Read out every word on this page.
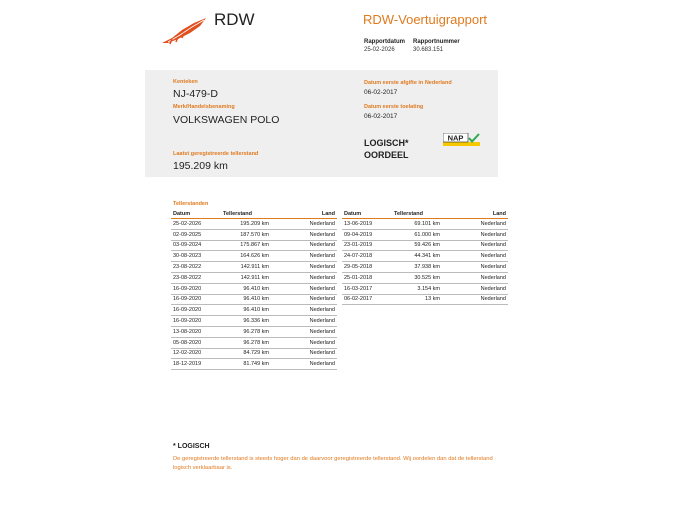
RDW	RDW-Voertuigrapport
Rapportdatum
25-02-2026
Rapportnummer
30.683.151
Kenteken
NJ-479-D
Merk/Handelsbenaming
VOLKSWAGEN POLO
Laatst geregistreerde tellerstand
195.209 km
Datum eerste afgifte in Nederland
06-02-2017
Datum eerste toelating
06-02-2017
LOGISCH*
OORDEEL
NAP
Tellerstanden
Datum	Tellerstand	Land
25-02-2026	195.209 km	Nederland
02-09-2025	187.570 km	Nederland
03-09-2024	175.867 km	Nederland
30-08-2023	164.626 km	Nederland
23-08-2022	142.911 km	Nederland
23-08-2022	142.911 km	Nederland
16-09-2020	96.410 km	Nederland
16-09-2020	96.410 km	Nederland
16-09-2020	96.410 km	Nederland
16-09-2020	96.336 km	Nederland
13-08-2020	96.278 km	Nederland
05-08-2020	96.278 km	Nederland
12-02-2020	84.729 km	Nederland
18-12-2019	81.749 km	Nederland
Datum	Tellerstand	Land
13-06-2019	69.101 km	Nederland
09-04-2019	61.000 km	Nederland
23-01-2019	59.426 km	Nederland
24-07-2018	44.341 km	Nederland
29-05-2018	37.938 km	Nederland
25-01-2018	30.525 km	Nederland
16-03-2017	3.154 km	Nederland
06-02-2017	13 km	Nederland
* LOGISCH
De geregistreerde tellerstand is steeds hoger dan de daarvoor geregistreerde tellerstand. Wij oordelen dan dat de tellerstand logisch verklaarbaar is.
